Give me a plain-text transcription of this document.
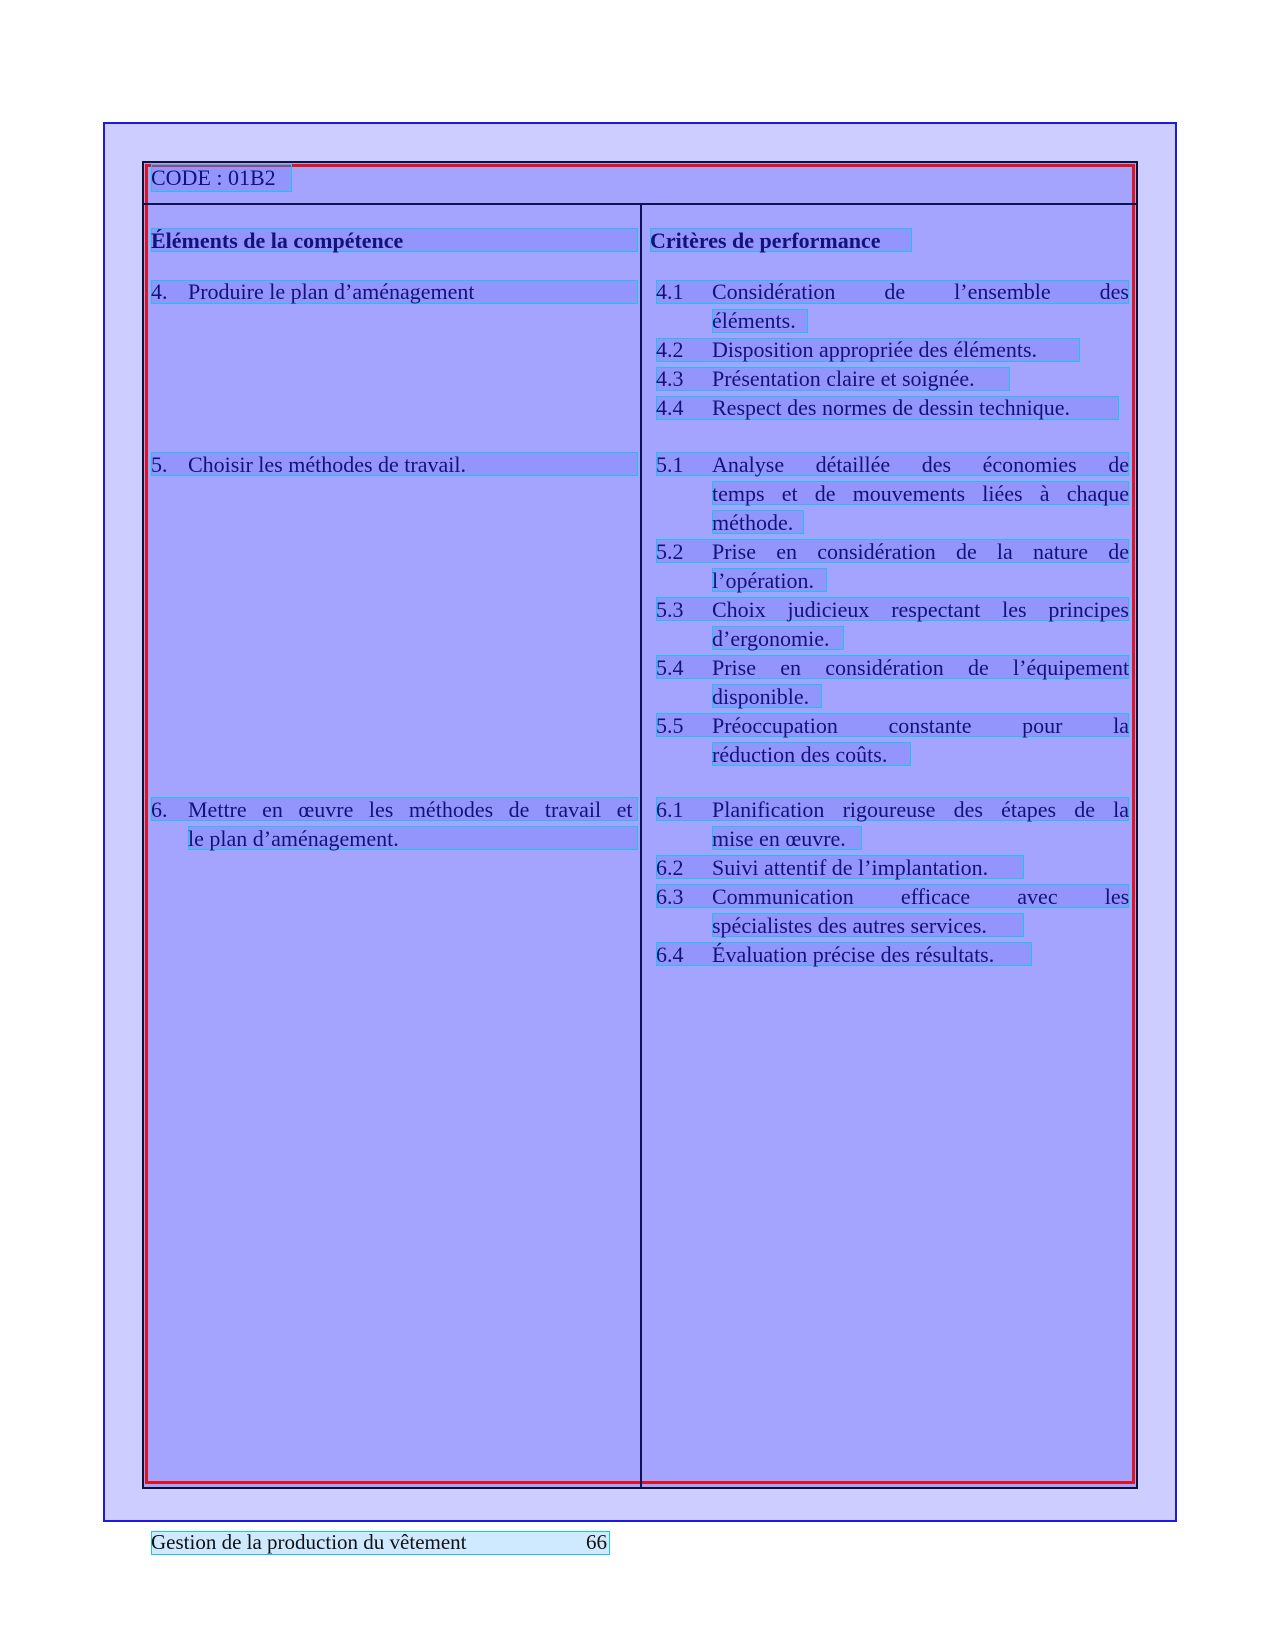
CODE : 01B2
Éléments de la compétence	Critères de performance
4. Produire le plan d’aménagement
5. Choisir les méthodes de travail.
6. Mettre en œuvre les méthodes de travail et
le plan d’aménagement.
4.1 Considération de l’ensemble des
éléments.
4.2 Disposition appropriée des éléments.
4.3 Présentation claire et soignée.
4.4 Respect des normes de dessin technique.
5.1 Analyse détaillée des économies de
temps et de mouvements liées à chaque
méthode.
5.2 Prise en considération de la nature de
l’opération.
5.3 Choix judicieux respectant les principes
d’ergonomie.
5.4 Prise en considération de l’équipement
disponible.
5.5 Préoccupation constante pour la
réduction des coûts.
6.1 Planification rigoureuse des étapes de la
mise en œuvre.
6.2 Suivi attentif de l’implantation.
6.3 Communication efficace avec les
spécialistes des autres services.
6.4 Évaluation précise des résultats.
Gestion de la production du vêtement	66
